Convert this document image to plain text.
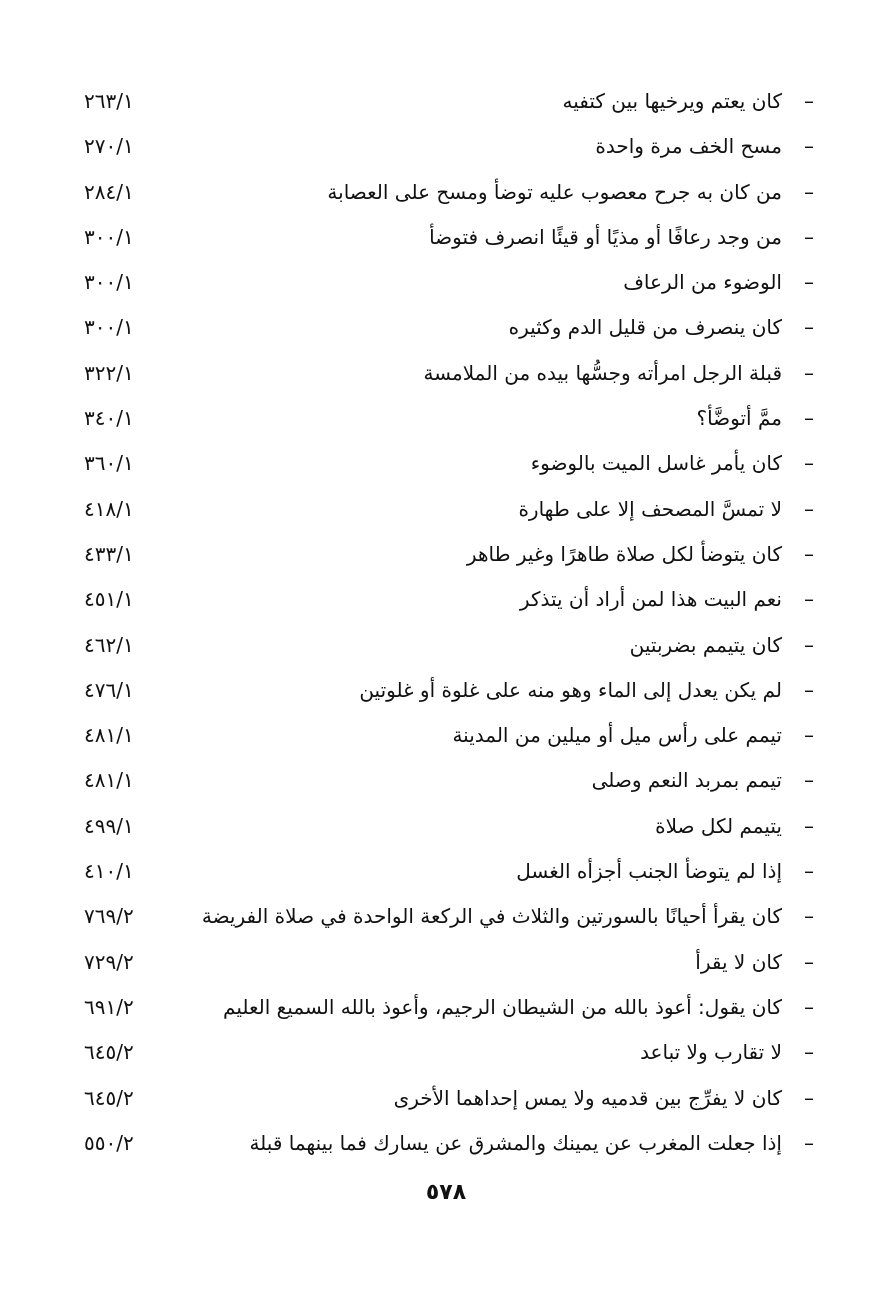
–
كان يعتم ويرخيها بين كتفيه
٢٦٣/١
–
مسح الخف مرة واحدة
٢٧٠/١
–
من كان به جرح معصوب عليه توضأ ومسح على العصابة
٢٨٤/١
–
من وجد رعافًا أو مذيًا أو قيئًا انصرف فتوضأ
٣٠٠/١
–
الوضوء من الرعاف
٣٠٠/١
–
كان ينصرف من قليل الدم وكثيره
٣٠٠/١
–
قبلة الرجل امرأته وجسُّها بيده من الملامسة
٣٢٢/١
–
ممَّ أتوضَّأ؟
٣٤٠/١
–
كان يأمر غاسل الميت بالوضوء
٣٦٠/١
–
لا تمسَّ المصحف إلا على طهارة
٤١٨/١
–
كان يتوضأ لكل صلاة طاهرًا وغير طاهر
٤٣٣/١
–
نعم البيت هذا لمن أراد أن يتذكر
٤٥١/١
–
كان يتيمم بضربتين
٤٦٢/١
–
لم يكن يعدل إلى الماء وهو منه على غلوة أو غلوتين
٤٧٦/١
–
تيمم على رأس ميل أو ميلين من المدينة
٤٨١/١
–
تيمم بمربد النعم وصلى
٤٨١/١
–
يتيمم لكل صلاة
٤٩٩/١
–
إذا لم يتوضأ الجنب أجزأه الغسل
٤١٠/١
–
كان يقرأ أحيانًا بالسورتين والثلاث في الركعة الواحدة في صلاة الفريضة
٧٦٩/٢
–
كان لا يقرأ
٧٢٩/٢
–
كان يقول: أعوذ بالله من الشيطان الرجيم، وأعوذ بالله السميع العليم
٦٩١/٢
–
لا تقارب ولا تباعد
٦٤٥/٢
–
كان لا يفرِّج بين قدميه ولا يمس إحداهما الأخرى
٦٤٥/٢
–
إذا جعلت المغرب عن يمينك والمشرق عن يسارك فما بينهما قبلة
٥٥٠/٢
٥٧٨
